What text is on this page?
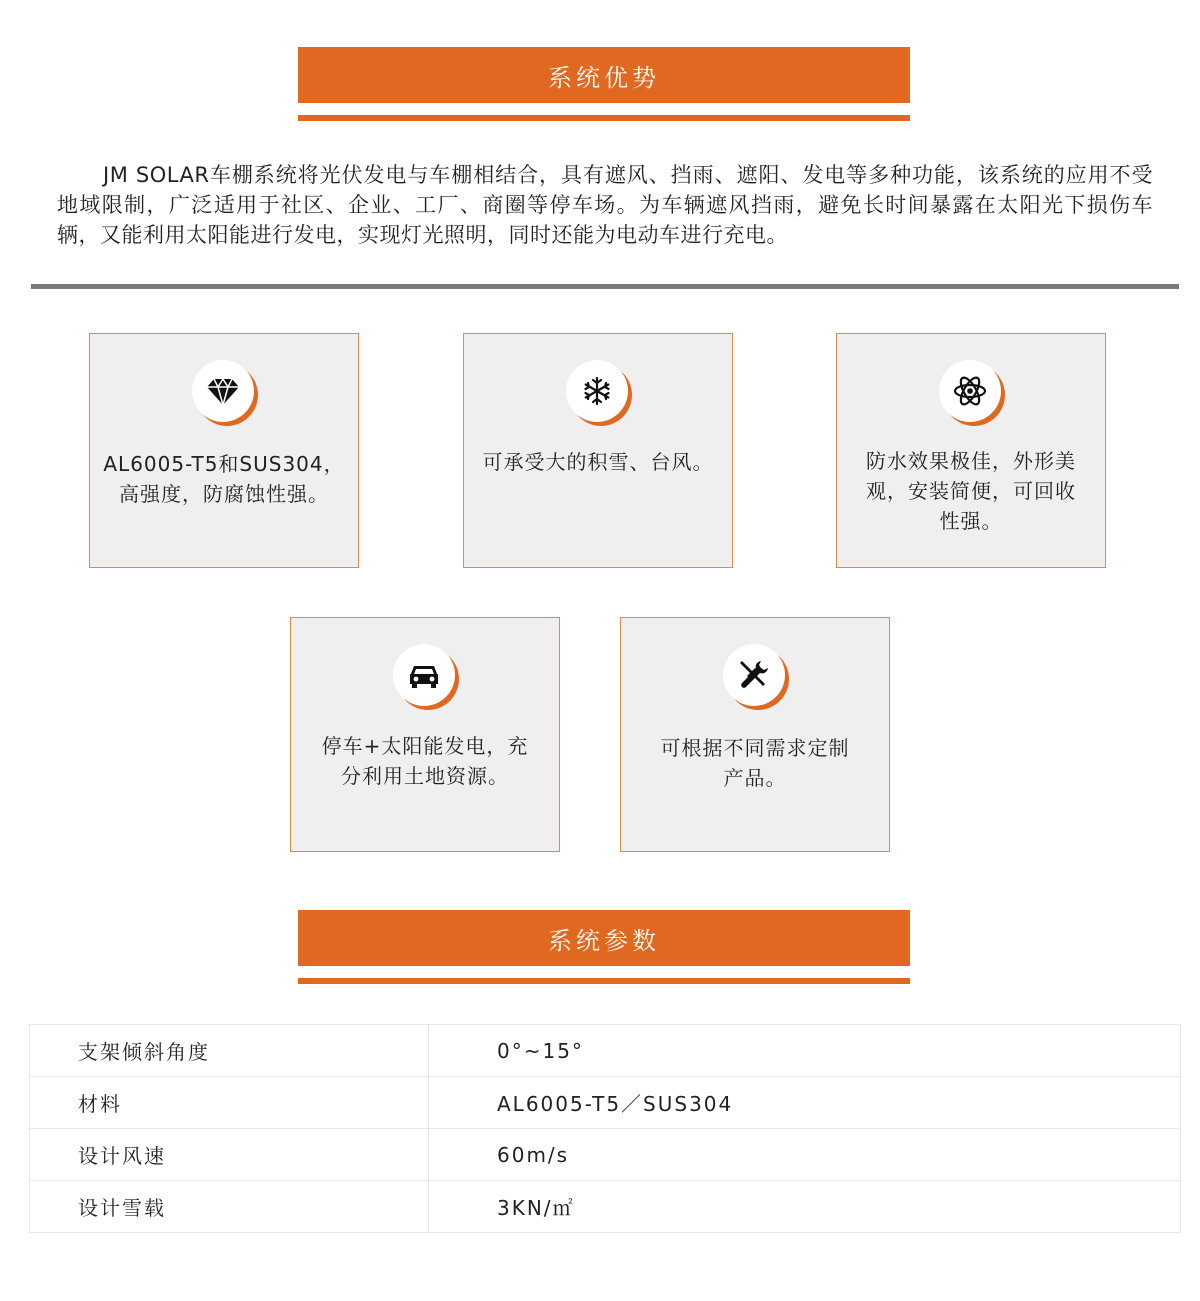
系统优势

JM SOLAR车棚系统将光伏发电与车棚相结合，具有遮风、挡雨、遮阳、发电等多种功能，该系统的应用不受地域限制，广泛适用于社区、企业、工厂、商圈等停车场。为车辆遮风挡雨，避免长时间暴露在太阳光下损伤车辆，又能利用太阳能进行发电，实现灯光照明，同时还能为电动车进行充电。

AL6005-T5和SUS304，
高强度，防腐蚀性强。
可承受大的积雪、台风。	防水效果极佳，外形美
观，安装简便，可回收
性强。
停车+太阳能发电，充
分利用土地资源。
可根据不同需求定制
产品。
系统参数
支架倾斜角度	0°~15°
材料	AL6005-T5／SUS304
设计风速	60m/s
设计雪载	3KN/㎡
